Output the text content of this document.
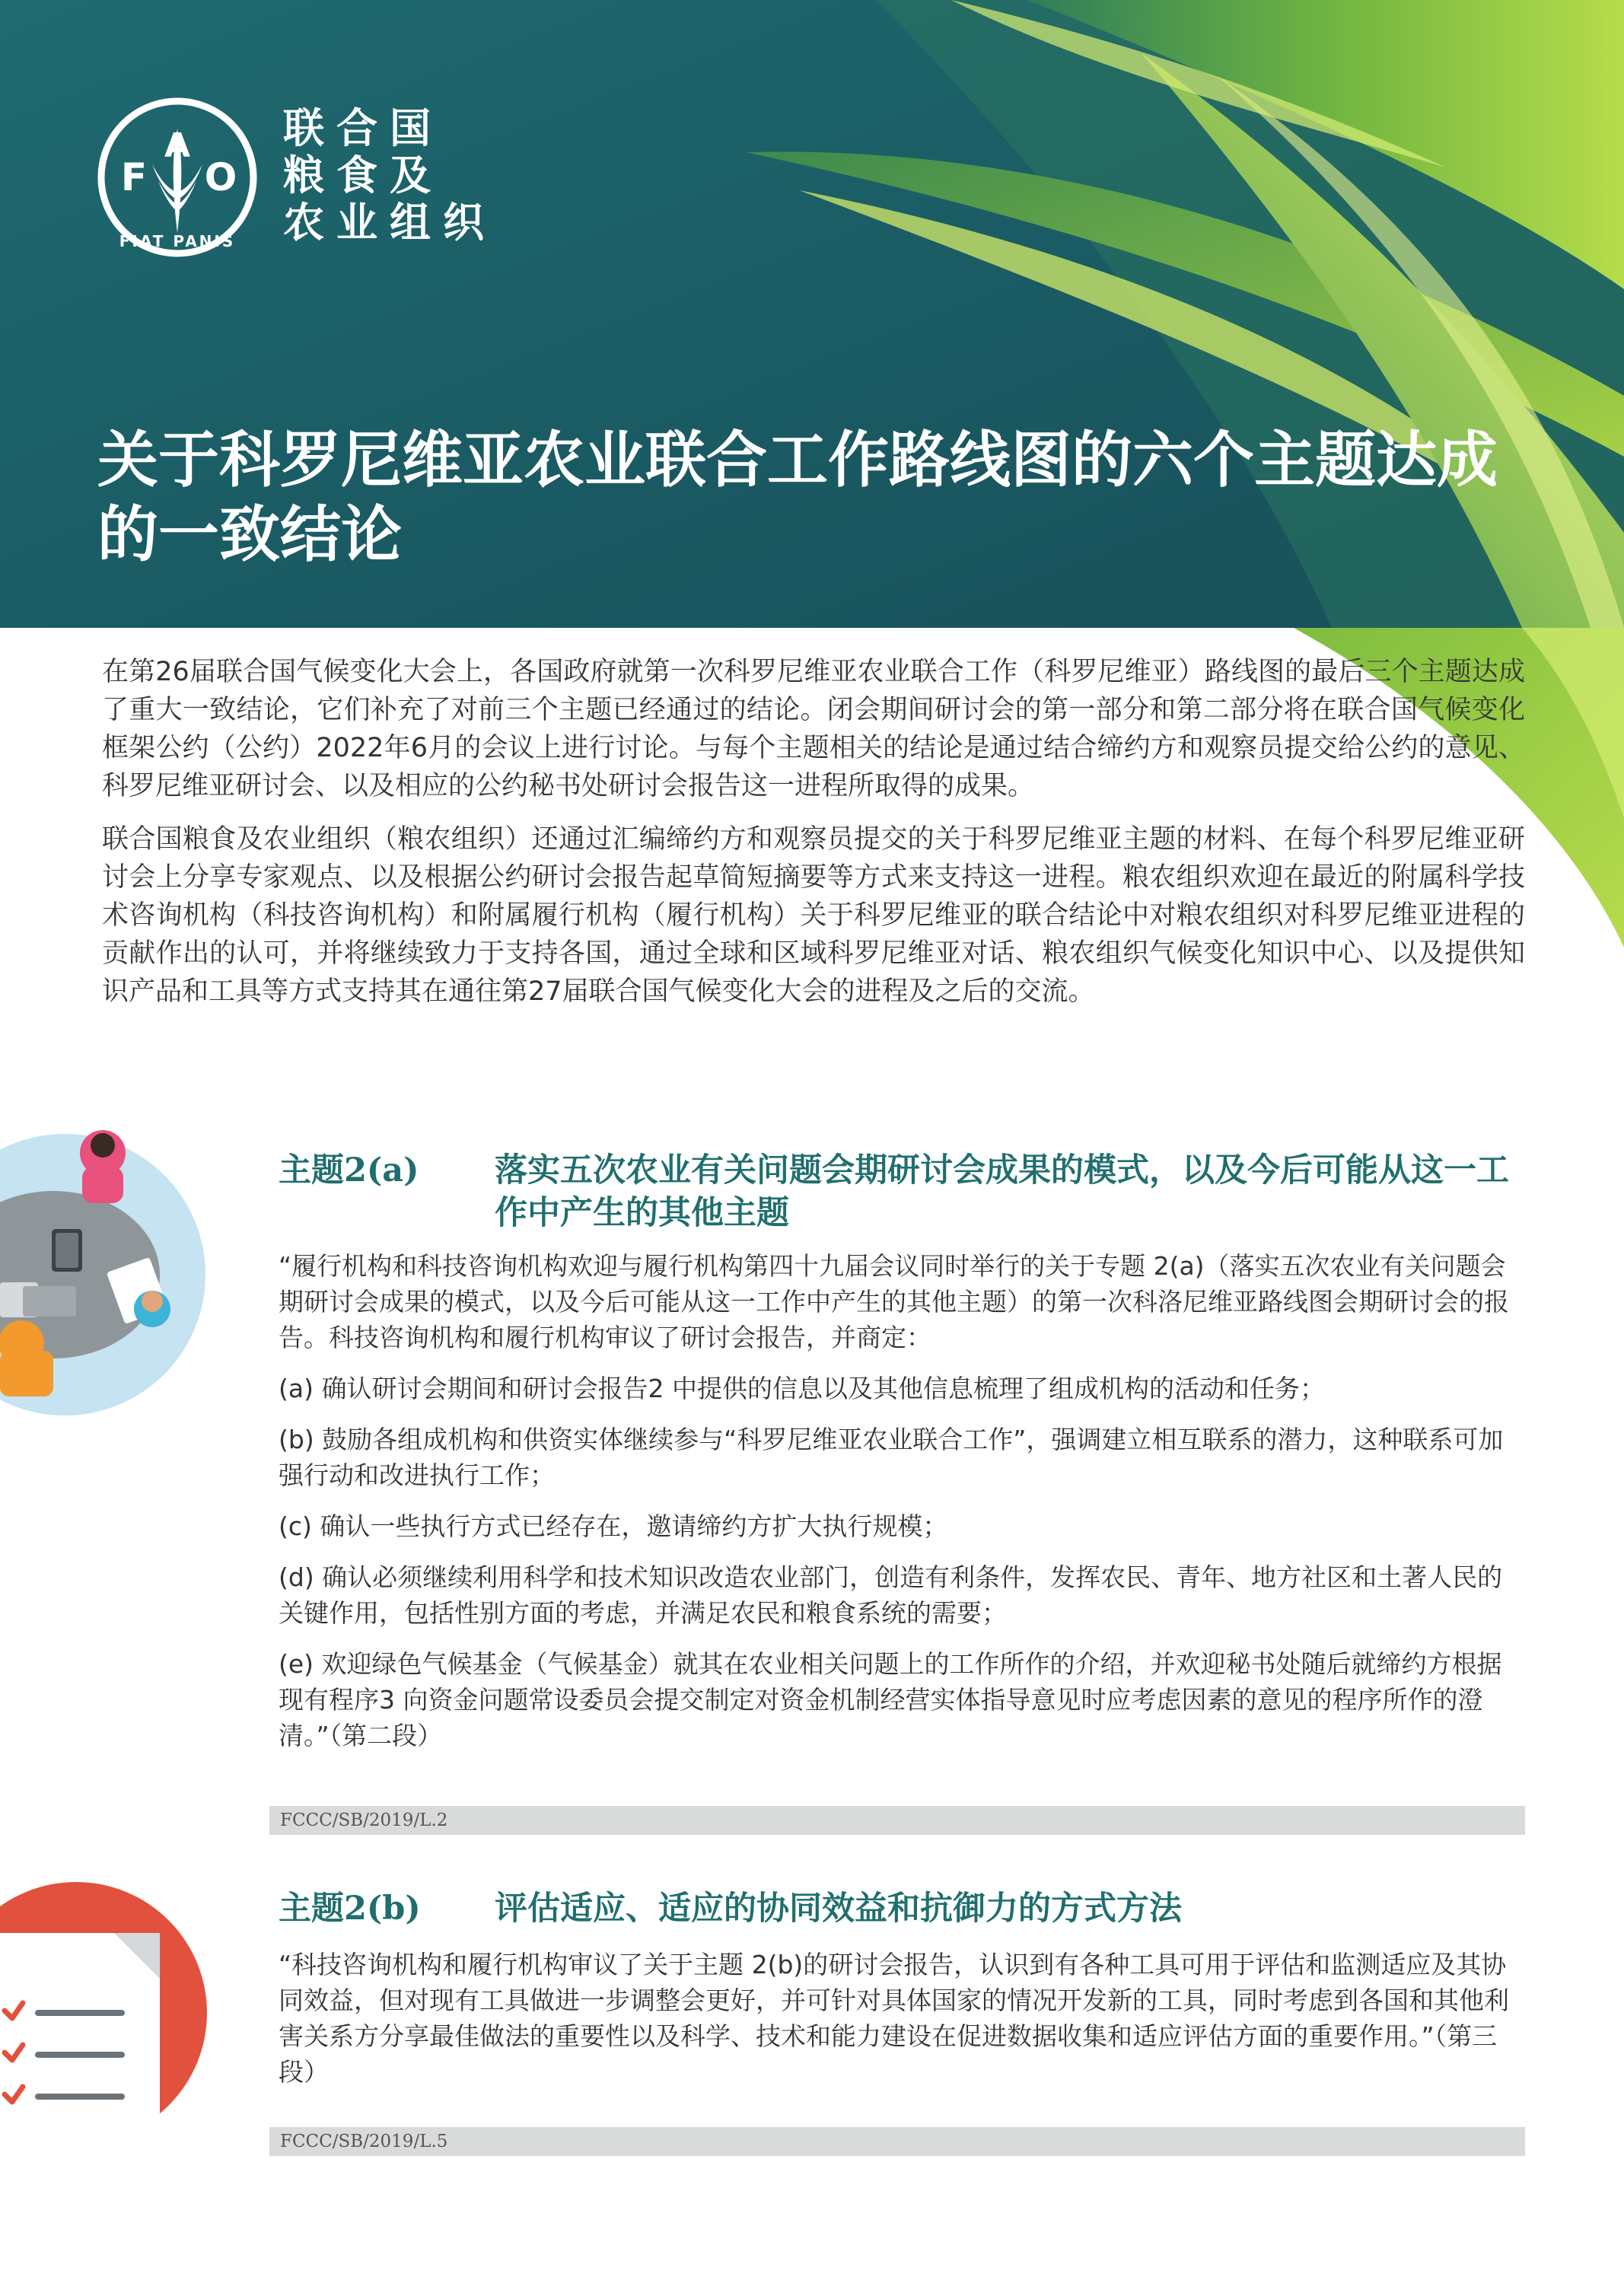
F
A
O
FIAT PANIS
联合国
粮食及
农业组织
关于科罗尼维亚农业联合工作路线图的六个主题达成的一致结论

在第26届联合国气候变化大会上，各国政府就第一次科罗尼维亚农业联合工作（科罗尼维亚）路线图的最后三个主题达成了重大一致结论，它们补充了对前三个主题已经通过的结论。闭会期间研讨会的第一部分和第二部分将在联合国气候变化框架公约（公约）2022年6月的会议上进行讨论。与每个主题相关的结论是通过结合缔约方和观察员提交给公约的意见、科罗尼维亚研讨会、以及相应的公约秘书处研讨会报告这一进程所取得的成果。

联合国粮食及农业组织（粮农组织）还通过汇编缔约方和观察员提交的关于科罗尼维亚主题的材料、在每个科罗尼维亚研讨会上分享专家观点、以及根据公约研讨会报告起草简短摘要等方式来支持这一进程。粮农组织欢迎在最近的附属科学技术咨询机构（科技咨询机构）和附属履行机构（履行机构）关于科罗尼维亚的联合结论中对粮农组织对科罗尼维亚进程的贡献作出的认可，并将继续致力于支持各国，通过全球和区域科罗尼维亚对话、粮农组织气候变化知识中心、以及提供知识产品和工具等方式支持其在通往第27届联合国气候变化大会的进程及之后的交流。

主题2(a) 落实五次农业有关问题会期研讨会成果的模式，以及今后可能从这一工作中产生的其他主题

“履行机构和科技咨询机构欢迎与履行机构第四十九届会议同时举行的关于专题 2(a)（落实五次农业有关问题会期研讨会成果的模式，以及今后可能从这一工作中产生的其他主题）的第一次科洛尼维亚路线图会期研讨会的报告。科技咨询机构和履行机构审议了研讨会报告，并商定：

(a) 确认研讨会期间和研讨会报告2 中提供的信息以及其他信息梳理了组成机构的活动和任务；

(b) 鼓励各组成机构和供资实体继续参与“科罗尼维亚农业联合工作”，强调建立相互联系的潜力，这种联系可加强行动和改进执行工作；

(c) 确认一些执行方式已经存在，邀请缔约方扩大执行规模；

(d) 确认必须继续利用科学和技术知识改造农业部门，创造有利条件，发挥农民、青年、地方社区和土著人民的关键作用，包括性别方面的考虑，并满足农民和粮食系统的需要；

(e) 欢迎绿色气候基金（气候基金）就其在农业相关问题上的工作所作的介绍，并欢迎秘书处随后就缔约方根据现有程序3 向资金问题常设委员会提交制定对资金机制经营实体指导意见时应考虑因素的意见的程序所作的澄清。”（第二段）

FCCC/SB/2019/L.2
主题2(b) 评估适应、适应的协同效益和抗御力的方式方法

“科技咨询机构和履行机构审议了关于主题 2(b)的研讨会报告，认识到有各种工具可用于评估和监测适应及其协同效益，但对现有工具做进一步调整会更好，并可针对具体国家的情况开发新的工具，同时考虑到各国和其他利害关系方分享最佳做法的重要性以及科学、技术和能力建设在促进数据收集和适应评估方面的重要作用。”（第三段）

FCCC/SB/2019/L.5
